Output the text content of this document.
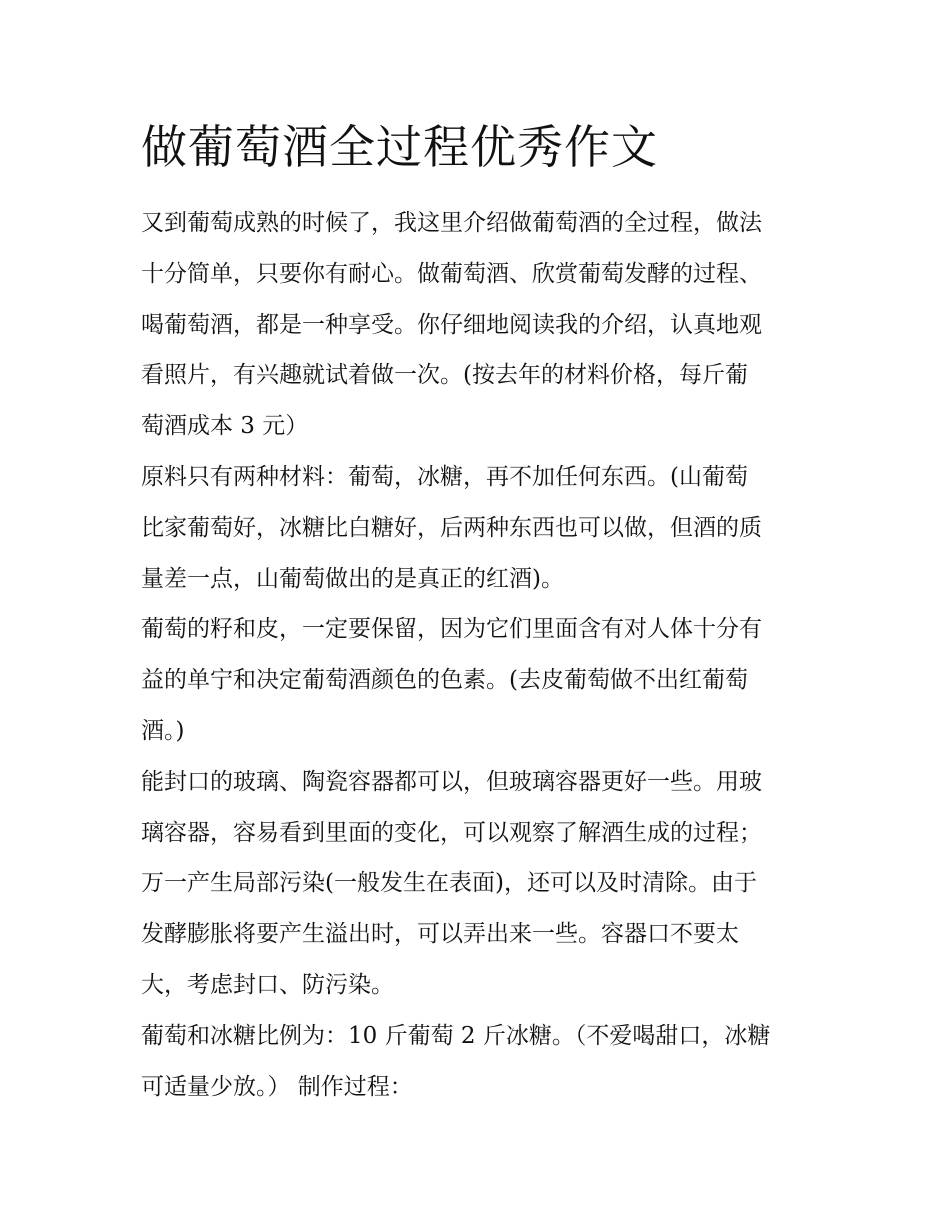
做葡萄酒全过程优秀作文

又到葡萄成熟的时候了，我这里介绍做葡萄酒的全过程，做法
十分简单，只要你有耐心。做葡萄酒、欣赏葡萄发酵的过程、
喝葡萄酒，都是一种享受。你仔细地阅读我的介绍，认真地观
看照片，有兴趣就试着做一次。(按去年的材料价格，每斤葡
萄酒成本 3 元）

原料只有两种材料：葡萄，冰糖，再不加任何东西。(山葡萄
比家葡萄好，冰糖比白糖好，后两种东西也可以做，但酒的质
量差一点，山葡萄做出的是真正的红酒)。

葡萄的籽和皮，一定要保留，因为它们里面含有对人体十分有
益的单宁和决定葡萄酒颜色的色素。(去皮葡萄做不出红葡萄
酒。)

能封口的玻璃、陶瓷容器都可以，但玻璃容器更好一些。用玻
璃容器，容易看到里面的变化，可以观察了解酒生成的过程；
万一产生局部污染(一般发生在表面)，还可以及时清除。由于
发酵膨胀将要产生溢出时，可以弄出来一些。容器口不要太
大，考虑封口、防污染。

葡萄和冰糖比例为：10 斤葡萄 2 斤冰糖。（不爱喝甜口，冰糖
可适量少放。） 制作过程：
